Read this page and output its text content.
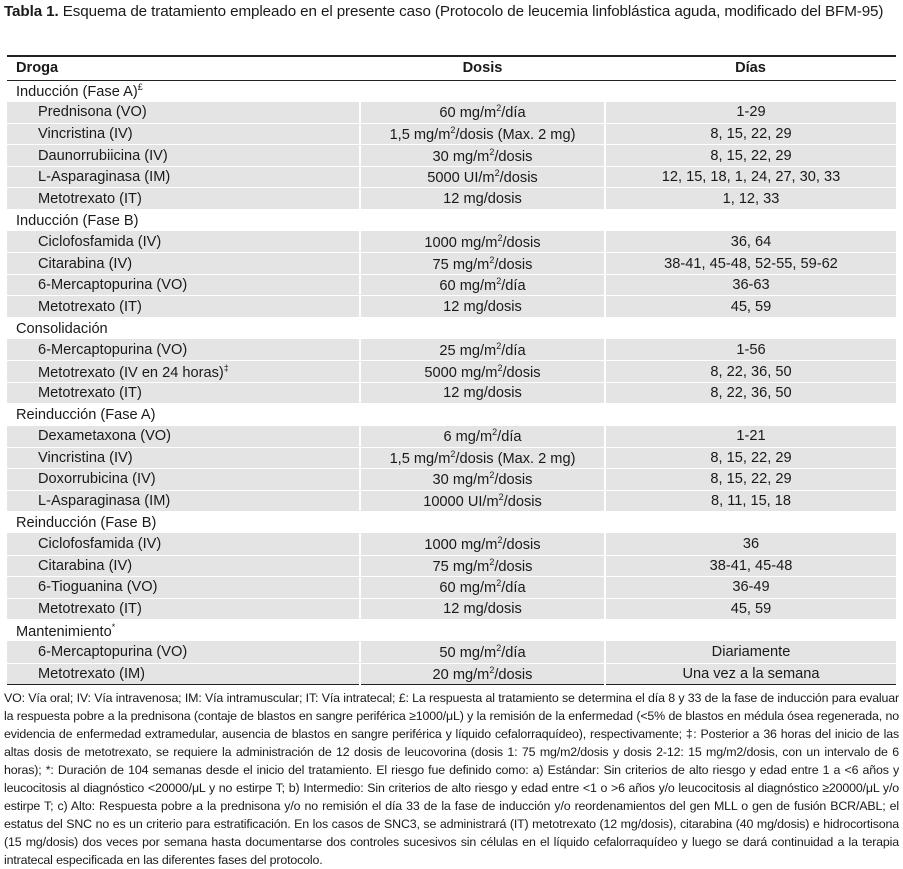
Tabla 1. Esquema de tratamiento empleado en el presente caso (Protocolo de leucemia linfoblástica aguda, modificado del BFM-95)
Droga	Dosis	Días
Inducción (Fase A)£		
Prednisona (VO)	60 $mg/m^2$/día	1-29
Vincristina (IV)	1,5 $mg/m^2$/dosis (Max. 2 mg)	8, 15, 22, 29
Daunorrubiicina (IV)	30 $mg/m^2$/dosis	8, 15, 22, 29
L-Asparaginasa (IM)	5000 $UI/m^2$/dosis	12, 15, 18, 1, 24, 27, 30, 33
Metotrexato (IT)	12 mg/dosis	1, 12, 33
Inducción (Fase B)		
Ciclofosfamida (IV)	1000 $mg/m^2$/dosis	36, 64
Citarabina (IV)	75 $mg/m^2$/dosis	38-41, 45-48, 52-55, 59-62
6-Mercaptopurina (VO)	60 $mg/m^2$/día	36-63
Metotrexato (IT)	12 mg/dosis	45, 59
Consolidación		
6-Mercaptopurina (VO)	25 $mg/m^2$/día	1-56
Metotrexato (IV en 24 horas)‡	5000 $mg/m^2$/dosis	8, 22, 36, 50
Metotrexato (IT)	12 mg/dosis	8, 22, 36, 50
Reinducción (Fase A)		
Dexametaxona (VO)	6 $mg/m^2$/día	1-21
Vincristina (IV)	1,5 $mg/m^2$/dosis (Max. 2 mg)	8, 15, 22, 29
Doxorrubicina (IV)	30 $mg/m^2$/dosis	8, 15, 22, 29
L-Asparaginasa (IM)	10000 $UI/m^2$/dosis	8, 11, 15, 18
Reinducción (Fase B)		
Ciclofosfamida (IV)	1000 $mg/m^2$/dosis	36
Citarabina (IV)	75 $mg/m^2$/dosis	38-41, 45-48
6-Tioguanina (VO)	60 $mg/m^2$/día	36-49
Metotrexato (IT)	12 mg/dosis	45, 59
Mantenimiento*		
6-Mercaptopurina (VO)	50 $mg/m^2$/día	Diariamente
Metotrexato (IM)	20 $mg/m^2$/dosis	Una vez a la semana
VO: Vía oral; IV: Vía intravenosa; IM: Vía intramuscular; IT: Vía intratecal; £: La respuesta al tratamiento se determina el día 8 y 33 de la fase de inducción para evaluar la respuesta pobre a la prednisona (contaje de blastos en sangre periférica ≥1000/μL) y la remisión de la enfermedad (<5% de blastos en médula ósea regenerada, no evidencia de enfermedad extramedular, ausencia de blastos en sangre periférica y líquido cefalorraquídeo), respectivamente; ‡: Posterior a 36 horas del inicio de las altas dosis de metotrexato, se requiere la administración de 12 dosis de leucovorina (dosis 1: 75 mg/m2/dosis y dosis 2-12: 15 mg/m2/dosis, con un intervalo de 6 horas); *: Duración de 104 semanas desde el inicio del tratamiento. El riesgo fue definido como: a) Estándar: Sin criterios de alto riesgo y edad entre 1 a <6 años y leucocitosis al diagnóstico <20000/μL y no estirpe T; b) Intermedio: Sin criterios de alto riesgo y edad entre <1 o >6 años y/o leucocitosis al diagnóstico ≥20000/μL y/o estirpe T; c) Alto: Respuesta pobre a la prednisona y/o no remisión el día 33 de la fase de inducción y/o reordenamientos del gen MLL o gen de fusión BCR/ABL; el estatus del SNC no es un criterio para estratificación. En los casos de SNC3, se administrará (IT) metotrexato (12 mg/dosis), citarabina (40 mg/dosis) e hidrocortisona (15 mg/dosis) dos veces por semana hasta documentarse dos controles sucesivos sin células en el líquido cefalorraquídeo y luego se dará continuidad a la terapia intratecal especificada en las diferentes fases del protocolo.
